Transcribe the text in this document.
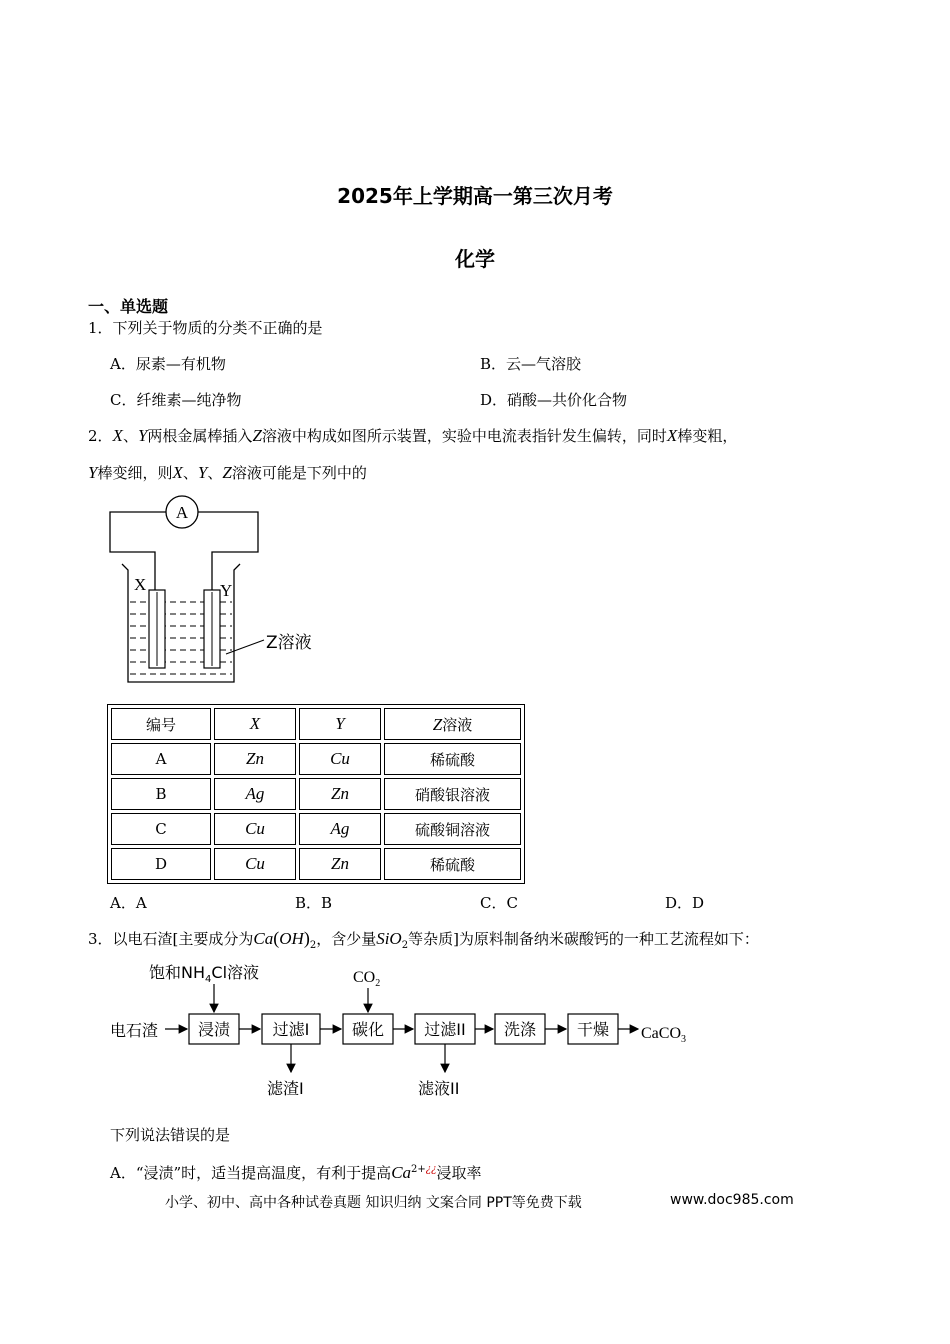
2025年上学期高一第三次月考
化学
一、单选题
1．下列关于物质的分类不正确的是
A．尿素—有机物	B．云—气溶胶
C．纤维素—纯净物	D．硝酸—共价化合物
2．X、Y两根金属棒插入Z溶液中构成如图所示装置，实验中电流表指针发生偏转，同时X棒变粗，
Y棒变细，则X、Y、Z溶液可能是下列中的
A
X	Y
Z溶液
编号	X	Y	Z溶液
A	Zn	Cu	稀硫酸
B	Ag	Zn	硝酸银溶液
C	Cu	Ag	硫酸铜溶液
D	Cu	Zn	稀硫酸
A．A	B．B	C．C	D．D
3．以电石渣[主要成分为$Ca(OH)_2$，含少量SiO$_2$等杂质]为原料制备纳米碳酸钙的一种工艺流程如下：
饱和$NH_4Cl$溶液	$CO_2$
电石渣 浸渍	过滤I	碳化	过滤II 洗涤	干燥 CaCO$_3$
滤渣I	滤液II
下列说法错误的是
A．“浸渍”时，适当提高温度，有利于提高$Ca^{2+¿¿}$浸取率
小学、初中、高中各种试卷真题 知识归纳 文案合同 PPT等免费下载	www.doc985.com
